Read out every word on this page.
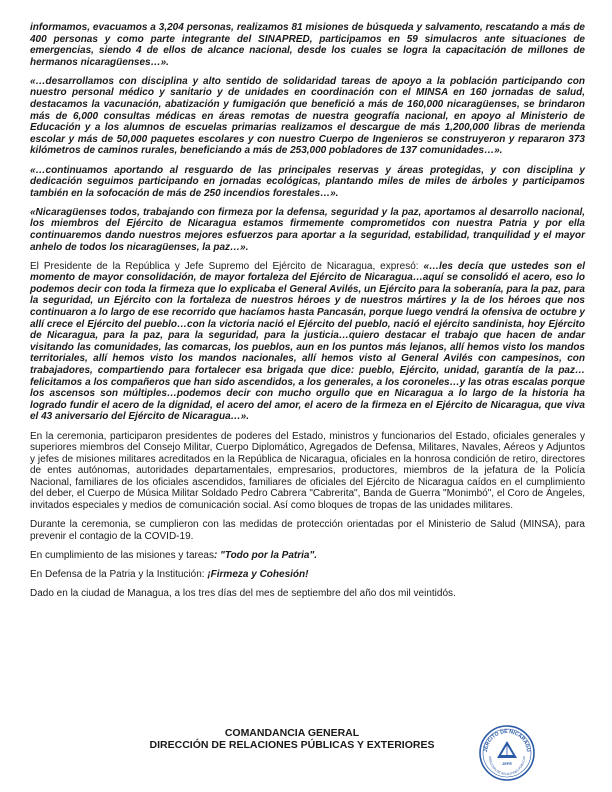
informamos, evacuamos a 3,204 personas, realizamos 81 misiones de búsqueda y salvamento, rescatando a más de 400 personas y como parte integrante del SINAPRED, participamos en 59 simulacros ante situaciones de emergencias, siendo 4 de ellos de alcance nacional, desde los cuales se logra la capacitación de millones de hermanos nicaragüenses…».

«…desarrollamos con disciplina y alto sentido de solidaridad tareas de apoyo a la población participando con nuestro personal médico y sanitario y de unidades en coordinación con el MINSA en 160 jornadas de salud, destacamos la vacunación, abatización y fumigación que benefició a más de 160,000 nicaragüenses, se brindaron más de 6,000 consultas médicas en áreas remotas de nuestra geografía nacional, en apoyo al Ministerio de Educación y a los alumnos de escuelas primarias realizamos el descargue de más 1,200,000 libras de merienda escolar y más de 50,000 paquetes escolares y con nuestro Cuerpo de Ingenieros se construyeron y repararon 373 kilómetros de caminos rurales, beneficiando a más de 253,000 pobladores de 137 comunidades…».

«…continuamos aportando al resguardo de las principales reservas y áreas protegidas, y con disciplina y dedicación seguimos participando en jornadas ecológicas, plantando miles de miles de árboles y participamos también en la sofocación de más de 250 incendios forestales…».

«Nicaragüenses todos, trabajando con firmeza por la defensa, seguridad y la paz, aportamos al desarrollo nacional, los miembros del Ejército de Nicaragua estamos firmemente comprometidos con nuestra Patria y por ella continuaremos dando nuestros mejores esfuerzos para aportar a la seguridad, estabilidad, tranquilidad y el mayor anhelo de todos los nicaragüenses, la paz…».

El Presidente de la República y Jefe Supremo del Ejército de Nicaragua, expresó: «…les decía que ustedes son el momento de mayor consolidación, de mayor fortaleza del Ejército de Nicaragua…aquí se consolidó el acero, eso lo podemos decir con toda la firmeza que lo explicaba el General Avilés, un Ejército para la soberanía, para la paz, para la seguridad, un Ejército con la fortaleza de nuestros héroes y de nuestros mártires y la de los héroes que nos continuaron a lo largo de ese recorrido que hacíamos hasta Pancasán, porque luego vendrá la ofensiva de octubre y allí crece el Ejército del pueblo…con la victoria nació el Ejército del pueblo, nació el ejército sandinista, hoy Ejército de Nicaragua, para la paz, para la seguridad, para la justicia…quiero destacar el trabajo que hacen de andar visitando las comunidades, las comarcas, los pueblos, aun en los puntos más lejanos, allí hemos visto los mandos territoriales, allí hemos visto los mandos nacionales, allí hemos visto al General Avilés con campesinos, con trabajadores, compartiendo para fortalecer esa brigada que dice: pueblo, Ejército, unidad, garantía de la paz…felicitamos a los compañeros que han sido ascendidos, a los generales, a los coroneles…y las otras escalas porque los ascensos son múltiples…podemos decir con mucho orgullo que en Nicaragua a lo largo de la historia ha logrado fundir el acero de la dignidad, el acero del amor, el acero de la firmeza en el Ejército de Nicaragua, que viva el 43 aniversario del Ejército de Nicaragua…».

En la ceremonia, participaron presidentes de poderes del Estado, ministros y funcionarios del Estado, oficiales generales y superiores miembros del Consejo Militar, Cuerpo Diplomático, Agregados de Defensa, Militares, Navales, Aéreos y Adjuntos y jefes de misiones militares acreditados en la República de Nicaragua, oficiales en la honrosa condición de retiro, directores de entes autónomas, autoridades departamentales, empresarios, productores, miembros de la jefatura de la Policía Nacional, familiares de los oficiales ascendidos, familiares de oficiales del Ejército de Nicaragua caídos en el cumplimiento del deber, el Cuerpo de Música Militar Soldado Pedro Cabrera "Cabrerita", Banda de Guerra "Monimbó", el Coro de Ángeles, invitados especiales y medios de comunicación social. Así como bloques de tropas de las unidades militares.

Durante la ceremonia, se cumplieron con las medidas de protección orientadas por el Ministerio de Salud (MINSA), para prevenir el contagio de la COVID-19.

En cumplimiento de las misiones y tareas: "Todo por la Patria".

En Defensa de la Patria y la Institución: ¡Firmeza y Cohesión!

Dado en la ciudad de Managua, a los tres días del mes de septiembre del año dos mil veintidós.

COMANDANCIA GENERAL
DIRECCIÓN DE RELACIONES PÚBLICAS Y EXTERIORES	JÉRCITO DE NICARAGU
DIRECCIÓN DE RELACIONES PÚBLICAS
JEFE
